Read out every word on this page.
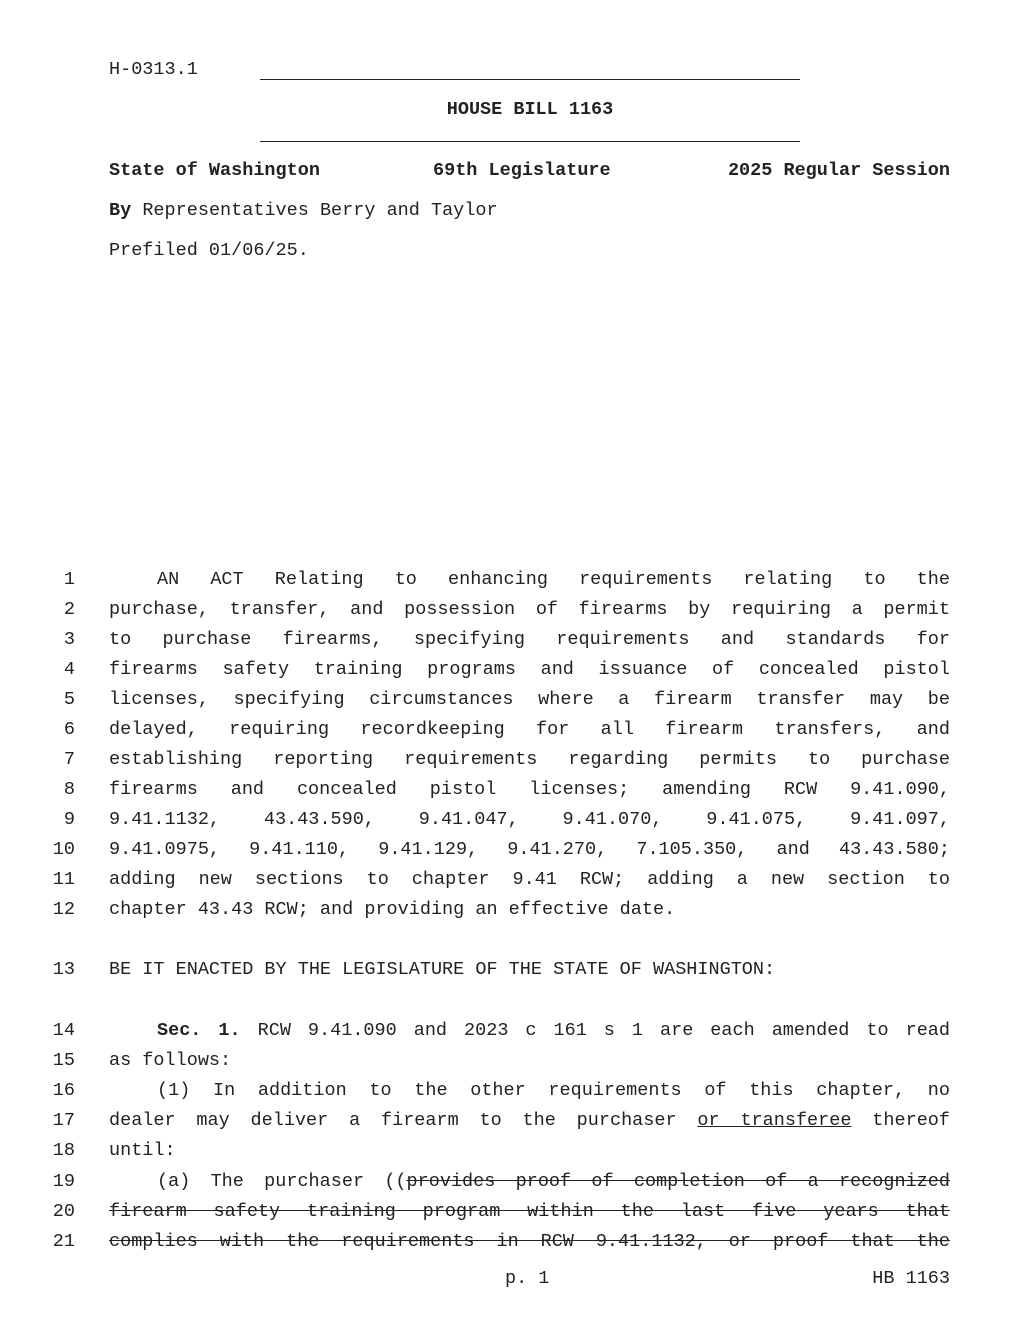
H-0313.1
HOUSE BILL 1163
State of Washington	69th Legislature	2025 Regular Session
By Representatives Berry and Taylor
Prefiled 01/06/25.
1	AN ACT Relating to enhancing requirements relating to the
2 purchase, transfer, and possession of firearms by requiring a permit
3 to purchase firearms, specifying requirements and standards for
4 firearms safety training programs and issuance of concealed pistol
5 licenses, specifying circumstances where a firearm transfer may be
6 delayed, requiring recordkeeping for all firearm transfers, and
7 establishing reporting requirements regarding permits to purchase
8 firearms and concealed pistol licenses; amending RCW 9.41.090,
9 9.41.1132, 43.43.590, 9.41.047, 9.41.070, 9.41.075, 9.41.097,
10 9.41.0975, 9.41.110, 9.41.129, 9.41.270, 7.105.350, and 43.43.580;
11 adding new sections to chapter 9.41 RCW; adding a new section to
12 chapter 43.43 RCW; and providing an effective date.
13 BE IT ENACTED BY THE LEGISLATURE OF THE STATE OF WASHINGTON:
14	Sec. 1. RCW 9.41.090 and 2023 c 161 s 1 are each amended to read
15 as follows:
16	(1) In addition to the other requirements of this chapter, no
17 dealer may deliver a firearm to the purchaser or transferee thereof
18 until:
19	(a) The purchaser ((provides proof of completion of a recognized
20 firearm safety training program within the last five years that
21 complies with the requirements in RCW 9.41.1132, or proof that the
p. 1	HB 1163
